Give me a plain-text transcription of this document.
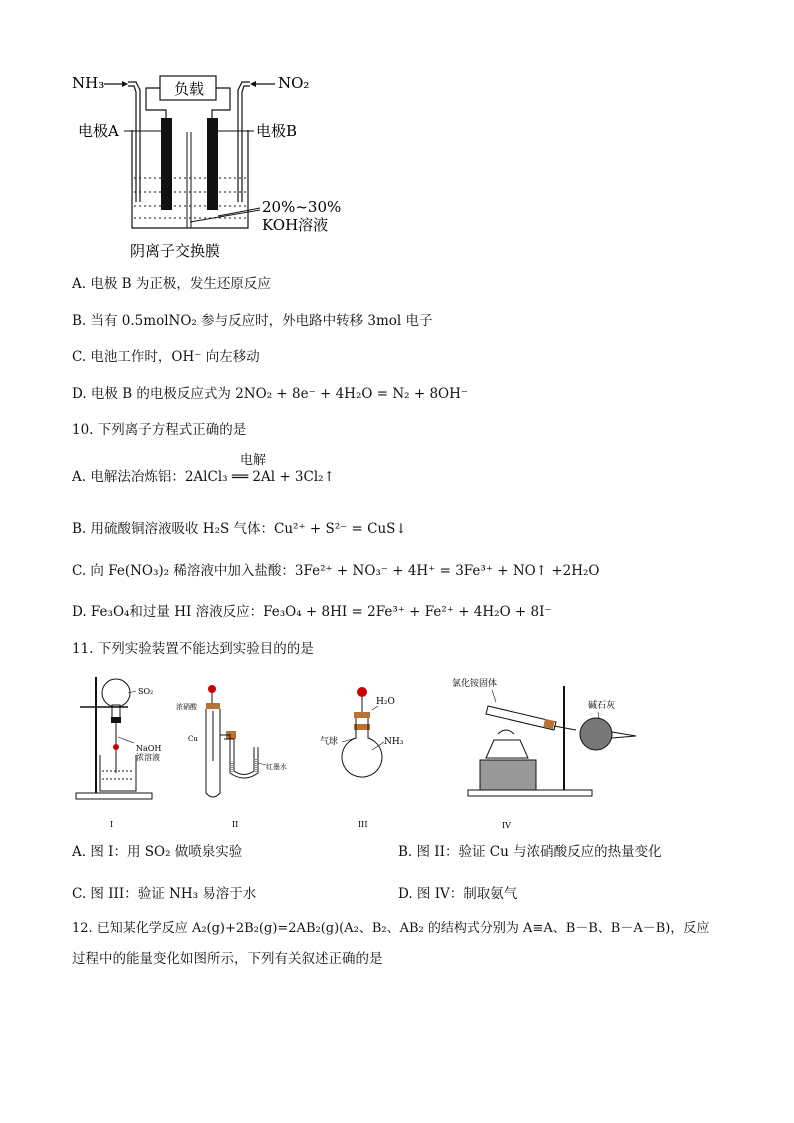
NH₃	NO₂
负载
电极A	电极B
20%~30%
KOH溶液
阴离子交换膜
A. 电极 B 为正极，发生还原反应
B. 当有 0.5molNO₂ 参与反应时，外电路中转移 3mol 电子
C. 电池工作时，OH⁻ 向左移动
D. 电极 B 的电极反应式为 2NO₂ + 8e⁻ + 4H₂O = N₂ + 8OH⁻
10. 下列离子方程式正确的是
电解
A. 电解法冶炼铝：2AlCl₃ ══ 2Al + 3Cl₂↑
B. 用硫酸铜溶液吸收 H₂S 气体：Cu²⁺ + S²⁻ = CuS↓
C. 向 Fe(NO₃)₂ 稀溶液中加入盐酸：3Fe²⁺ + NO₃⁻ + 4H⁺ = 3Fe³⁺ + NO↑ +2H₂O
D. Fe₃O₄和过量 HI 溶液反应：Fe₃O₄ + 8HI = 2Fe³⁺ + Fe²⁺ + 4H₂O + 8I⁻
11. 下列实验装置不能达到实验目的的是
SO₂
NaOH
浓溶液
I
浓硝酸
Cu
红墨水
II
H₂O
气球	NH₃
III
氯化铵固体
碱石灰
IV
A. 图 I：用 SO₂ 做喷泉实验	B. 图 II：验证 Cu 与浓硝酸反应的热量变化
C. 图 III：验证 NH₃ 易溶于水	D. 图 IV：制取氨气
12. 已知某化学反应 A₂(g)+2B₂(g)=2AB₂(g)(A₂、B₂、AB₂ 的结构式分别为 A≡A、B－B、B－A－B)，反应
过程中的能量变化如图所示，下列有关叙述正确的是
